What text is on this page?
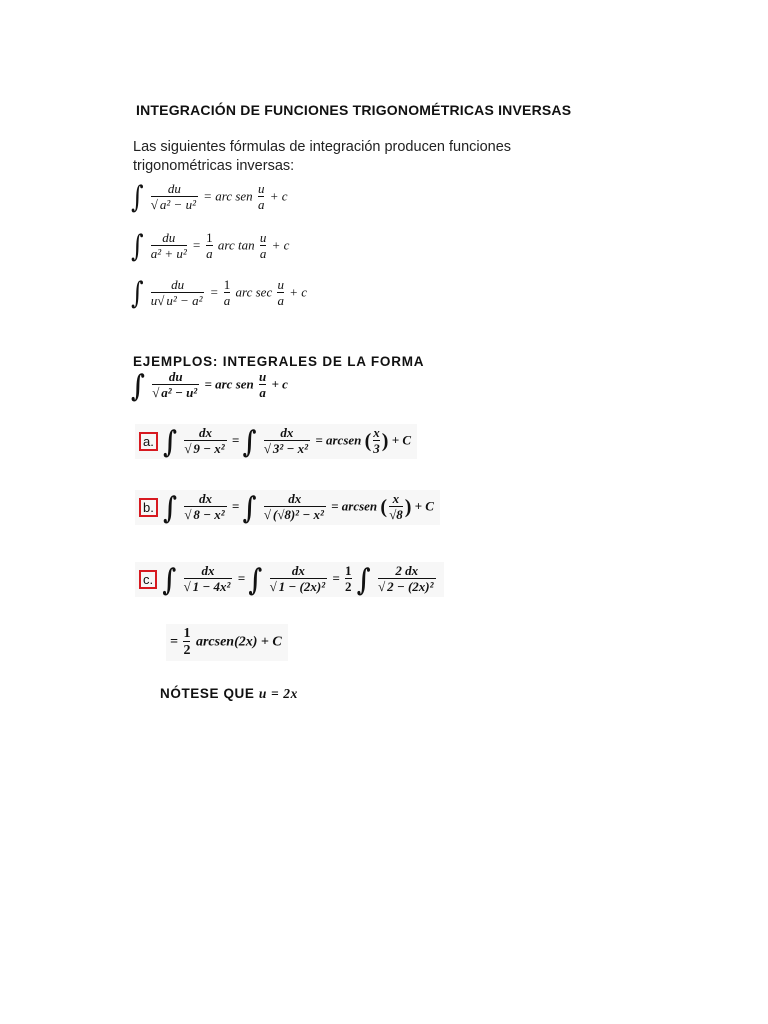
INTEGRACIÓN DE FUNCIONES TRIGONOMÉTRICAS INVERSAS
Las siguientes fórmulas de integración producen funciones trigonométricas inversas:
∫ $\frac{du}{\text{√ a² − u²}}$ = arc sen $\frac{u}{a} + c$
∫ $\frac{du}{\text{a² + u²}} = \frac{1}{a}$ arc $\tan \frac{u}{a} + c$
∫ $\frac{du}{\text{u√ u² − a²}} = \frac{1}{a}$ arc $\sec \frac{u}{a} + c$
EJEMPLOS: INTEGRALES DE LA FORMA
∫ $\frac{du}{\text{√ a² − u²}}$ = arc sen $\frac{u}{a} + c$
a. ∫ $\frac{dx}{\text{√ 9 − x²}}$ = ∫ $\frac{dx}{\text{√ 3² − x²}}$ = arcsen ( $\frac{x}{3}$ ) + C
b. ∫ $\frac{dx}{\text{√ 8 − x²}}$ = ∫ $\frac{dx}{\text{√ (√8)² − x²}}$ = arcsen ( $\frac{x}{√8}$ ) + C
c. ∫ $\frac{dx}{\text{√ 1 − 4x²}}$ = ∫ $\frac{dx}{\text{√ 1 − (2x)²}} = \frac{1}{2}$ ∫ $\frac{2 dx}{\text{√ 2 − (2x)²}}$
= $\frac{1}{2}$ arcsen(2x) + C
NÓTESE QUE u = 2x
